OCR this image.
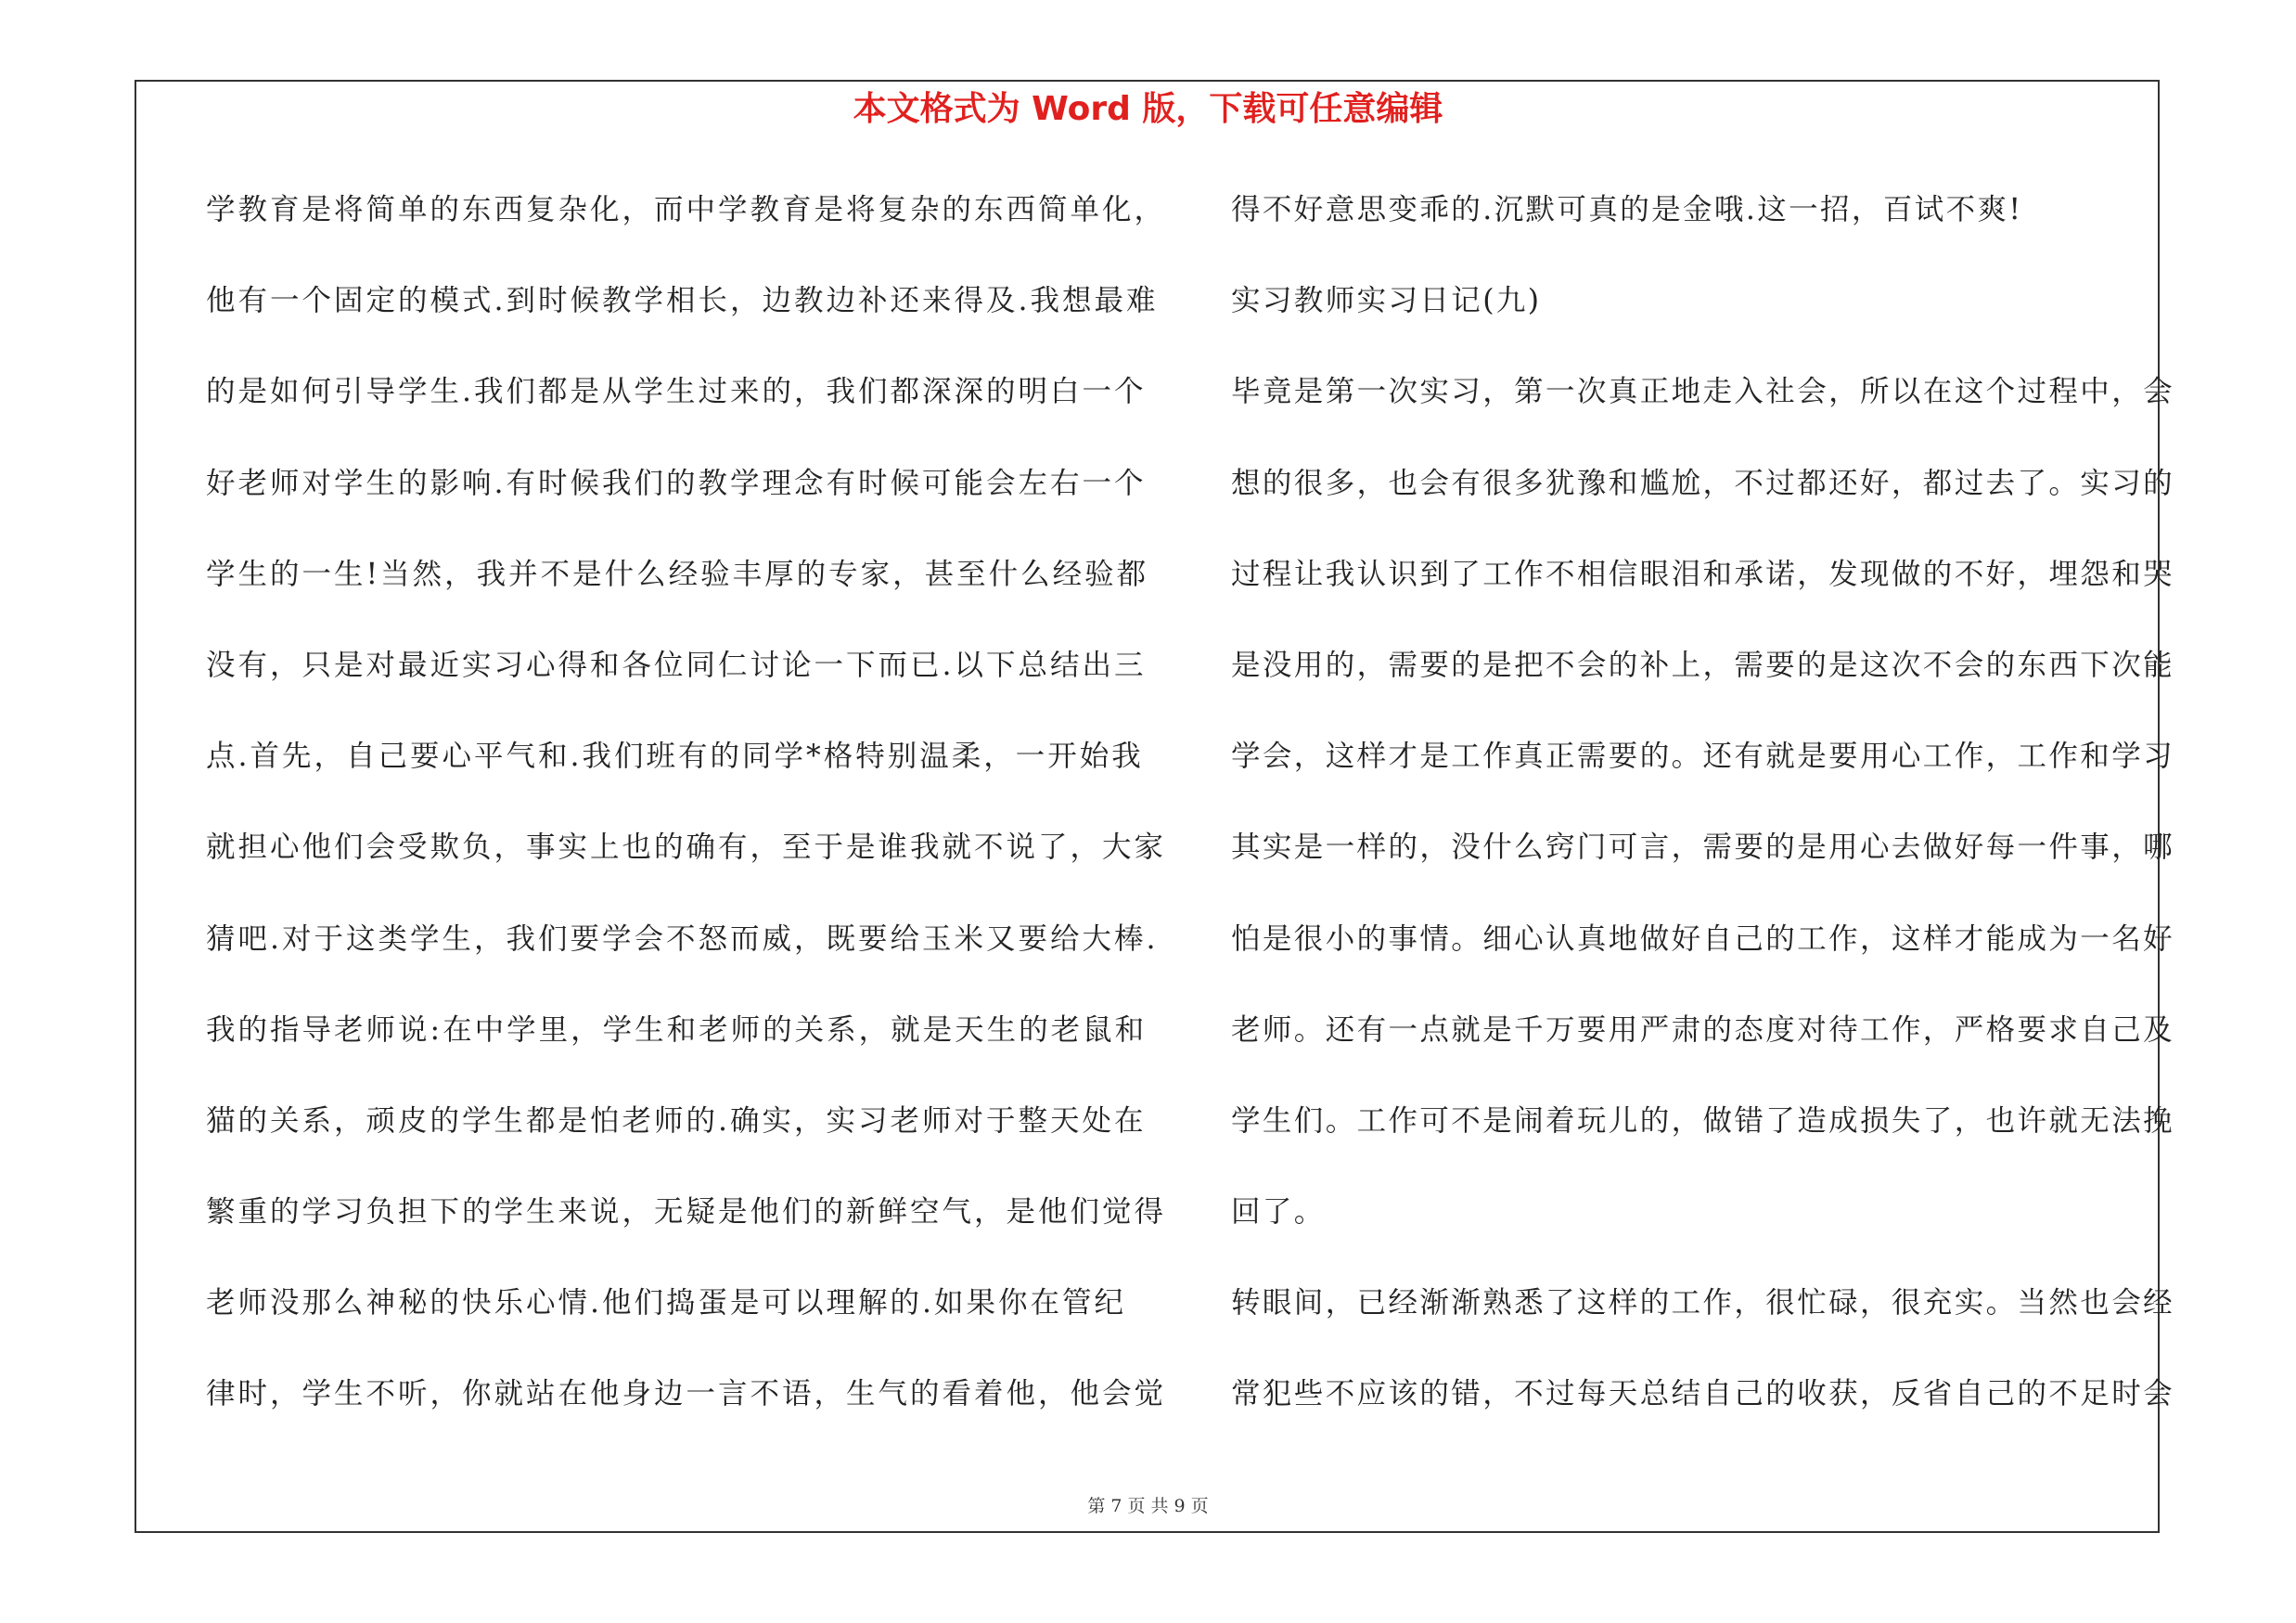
本文格式为 Word 版，下载可任意编辑
学教育是将简单的东西复杂化，而中学教育是将复杂的东西简单化，
他有一个固定的模式.到时候教学相长，边教边补还来得及.我想最难
的是如何引导学生.我们都是从学生过来的，我们都深深的明白一个
好老师对学生的影响.有时候我们的教学理念有时候可能会左右一个
学生的一生!当然，我并不是什么经验丰厚的专家，甚至什么经验都
没有，只是对最近实习心得和各位同仁讨论一下而已.以下总结出三
点.首先，自己要心平气和.我们班有的同学*格特别温柔，一开始我
就担心他们会受欺负，事实上也的确有，至于是谁我就不说了，大家
猜吧.对于这类学生，我们要学会不怒而威，既要给玉米又要给大棒.
我的指导老师说:在中学里，学生和老师的关系，就是天生的老鼠和
猫的关系，顽皮的学生都是怕老师的.确实，实习老师对于整天处在
繁重的学习负担下的学生来说，无疑是他们的新鲜空气，是他们觉得
老师没那么神秘的快乐心情.他们捣蛋是可以理解的.如果你在管纪
律时，学生不听，你就站在他身边一言不语，生气的看着他，他会觉
得不好意思变乖的.沉默可真的是金哦.这一招，百试不爽!
实习教师实习日记(九)
毕竟是第一次实习，第一次真正地走入社会，所以在这个过程中，会
想的很多，也会有很多犹豫和尴尬，不过都还好，都过去了。实习的
过程让我认识到了工作不相信眼泪和承诺，发现做的不好，埋怨和哭
是没用的，需要的是把不会的补上，需要的是这次不会的东西下次能
学会，这样才是工作真正需要的。还有就是要用心工作，工作和学习
其实是一样的，没什么窍门可言，需要的是用心去做好每一件事，哪
怕是很小的事情。细心认真地做好自己的工作，这样才能成为一名好
老师。还有一点就是千万要用严肃的态度对待工作，严格要求自己及
学生们。工作可不是闹着玩儿的，做错了造成损失了，也许就无法挽
回了。
转眼间，已经渐渐熟悉了这样的工作，很忙碌，很充实。当然也会经
常犯些不应该的错，不过每天总结自己的收获，反省自己的不足时会
第 7 页 共 9 页
